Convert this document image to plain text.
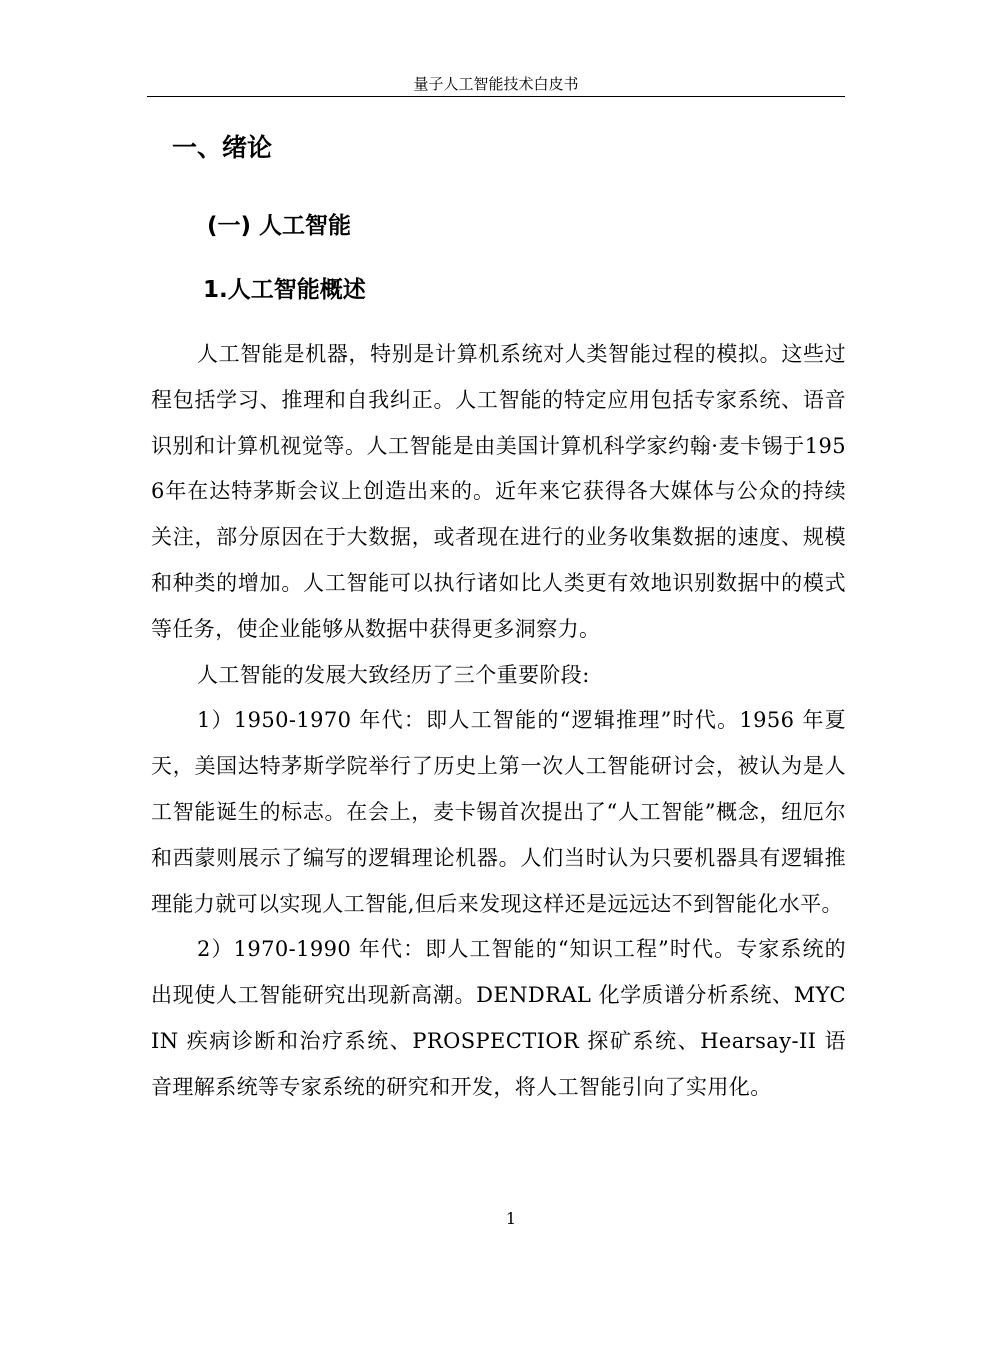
量子人工智能技术白皮书
一、绪论
(一) 人工智能
1.人工智能概述

人工智能是机器，特别是计算机系统对人类智能过程的模拟。这些过程包括学习、推理和自我纠正。人工智能的特定应用包括专家系统、语音识别和计算机视觉等。人工智能是由美国计算机科学家约翰·麦卡锡于1956年在达特茅斯会议上创造出来的。近年来它获得各大媒体与公众的持续关注，部分原因在于大数据，或者现在进行的业务收集数据的速度、规模和种类的增加。人工智能可以执行诸如比人类更有效地识别数据中的模式等任务，使企业能够从数据中获得更多洞察力。

人工智能的发展大致经历了三个重要阶段:

1）1950-1970 年代：即人工智能的“逻辑推理”时代。1956 年夏天，美国达特茅斯学院举行了历史上第一次人工智能研讨会，被认为是人工智能诞生的标志。在会上，麦卡锡首次提出了“人工智能”概念，纽厄尔和西蒙则展示了编写的逻辑理论机器。人们当时认为只要机器具有逻辑推理能力就可以实现人工智能,但后来发现这样还是远远达不到智能化水平。

2）1970-1990 年代：即人工智能的“知识工程”时代。专家系统的出现使人工智能研究出现新高潮。DENDRAL 化学质谱分析系统、MYCIN 疾病诊断和治疗系统、PROSPECTIOR 探矿系统、Hearsay-II 语音理解系统等专家系统的研究和开发，将人工智能引向了实用化。

1
